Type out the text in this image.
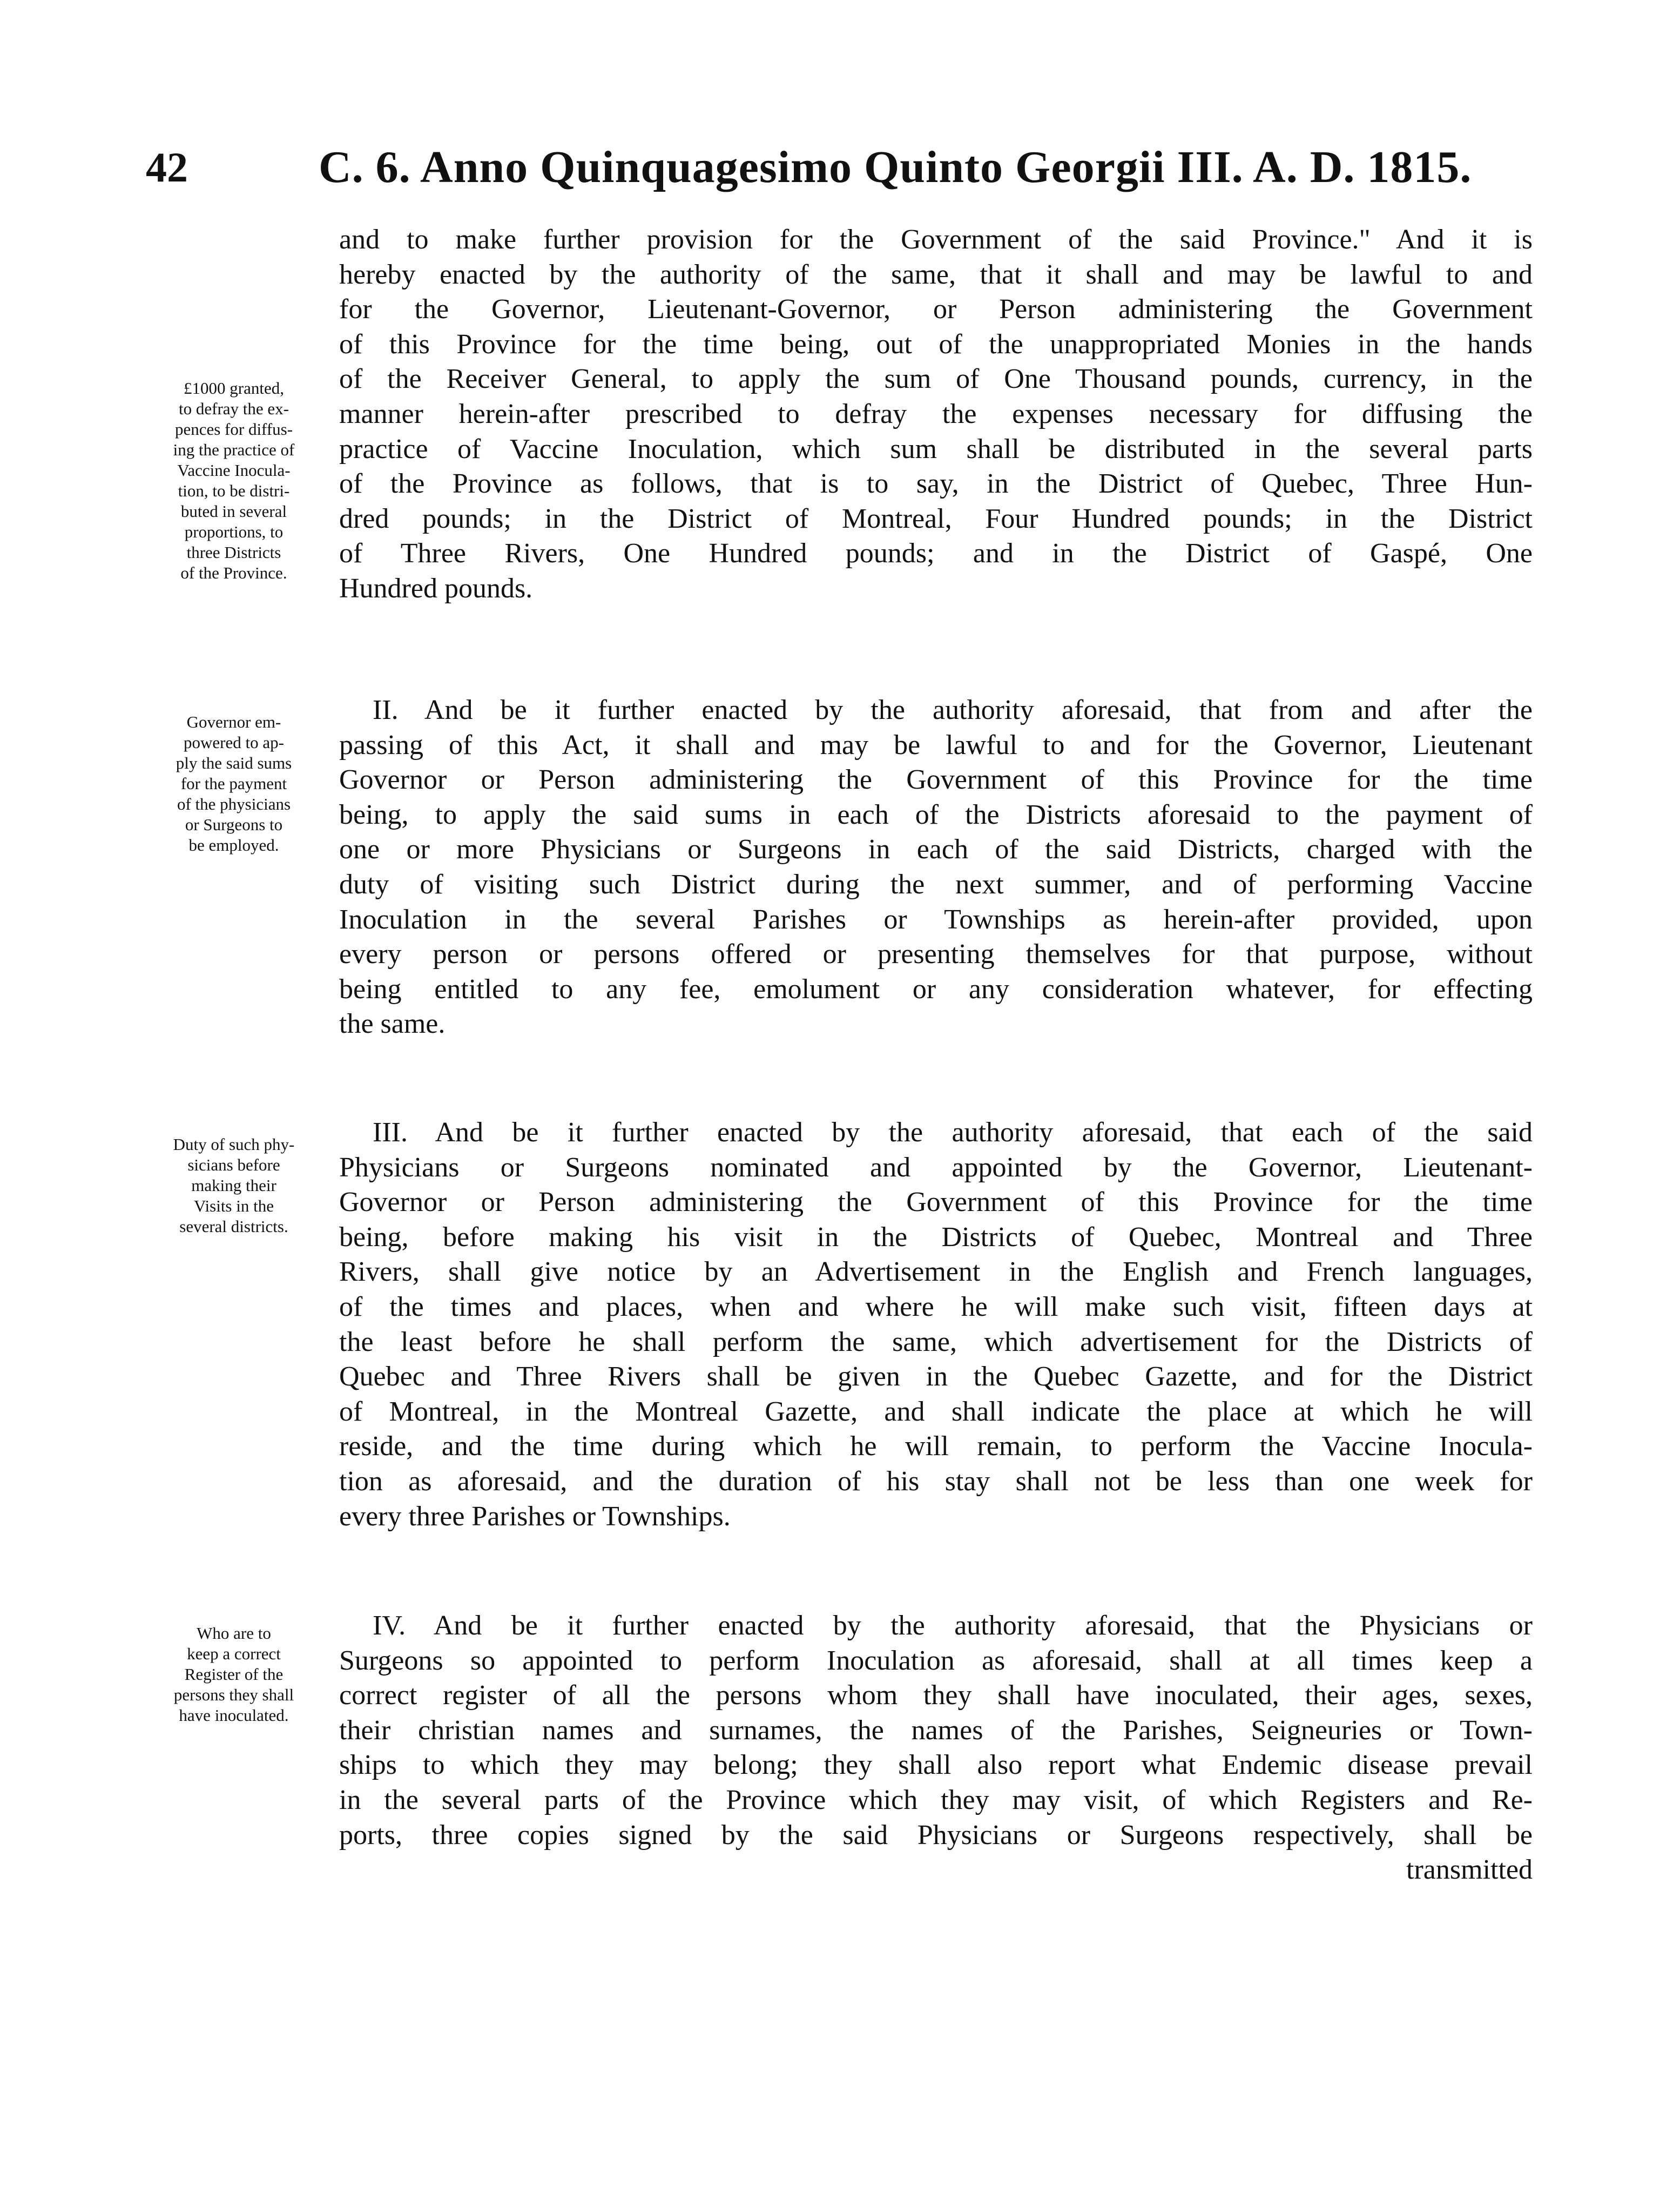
42	C. 6. Anno Quinquagesimo Quinto Georgii III. A. D. 1815.
£1000 granted,
to defray the ex-
pences for diffus-
ing the practice of
Vaccine Inocula-
tion, to be distri-
buted in several
proportions, to
three Districts
of the Province.
and to make further provision for the Government of the said Province." And it is
hereby enacted by the authority of the same, that it shall and may be lawful to and
for the Governor, Lieutenant-Governor, or Person administering the Government
of this Province for the time being, out of the unappropriated Monies in the hands
of the Receiver General, to apply the sum of One Thousand pounds, currency, in the
manner herein-after prescribed to defray the expenses necessary for diffusing the
practice of Vaccine Inoculation, which sum shall be distributed in the several parts
of the Province as follows, that is to say, in the District of Quebec, Three Hun-
dred pounds; in the District of Montreal, Four Hundred pounds; in the District
of Three Rivers, One Hundred pounds; and in the District of Gaspé, One
Hundred pounds.
Governor em-
powered to ap-
ply the said sums
for the payment
of the physicians
or Surgeons to
be employed.
II. And be it further enacted by the authority aforesaid, that from and after the
passing of this Act, it shall and may be lawful to and for the Governor, Lieutenant
Governor or Person administering the Government of this Province for the time
being, to apply the said sums in each of the Districts aforesaid to the payment of
one or more Physicians or Surgeons in each of the said Districts, charged with the
duty of visiting such District during the next summer, and of performing Vaccine
Inoculation in the several Parishes or Townships as herein-after provided, upon
every person or persons offered or presenting themselves for that purpose, without
being entitled to any fee, emolument or any consideration whatever, for effecting
the same.
Duty of such phy-
sicians before
making their
Visits in the
several districts.
III. And be it further enacted by the authority aforesaid, that each of the said
Physicians or Surgeons nominated and appointed by the Governor, Lieutenant-
Governor or Person administering the Government of this Province for the time
being, before making his visit in the Districts of Quebec, Montreal and Three
Rivers, shall give notice by an Advertisement in the English and French languages,
of the times and places, when and where he will make such visit, fifteen days at
the least before he shall perform the same, which advertisement for the Districts of
Quebec and Three Rivers shall be given in the Quebec Gazette, and for the District
of Montreal, in the Montreal Gazette, and shall indicate the place at which he will
reside, and the time during which he will remain, to perform the Vaccine Inocula-
tion as aforesaid, and the duration of his stay shall not be less than one week for
every three Parishes or Townships.
Who are to
keep a correct
Register of the
persons they shall
have inoculated.
IV. And be it further enacted by the authority aforesaid, that the Physicians or
Surgeons so appointed to perform Inoculation as aforesaid, shall at all times keep a
correct register of all the persons whom they shall have inoculated, their ages, sexes,
their christian names and surnames, the names of the Parishes, Seigneuries or Town-
ships to which they may belong; they shall also report what Endemic disease prevail
in the several parts of the Province which they may visit, of which Registers and Re-
ports, three copies signed by the said Physicians or Surgeons respectively, shall be
transmitted
